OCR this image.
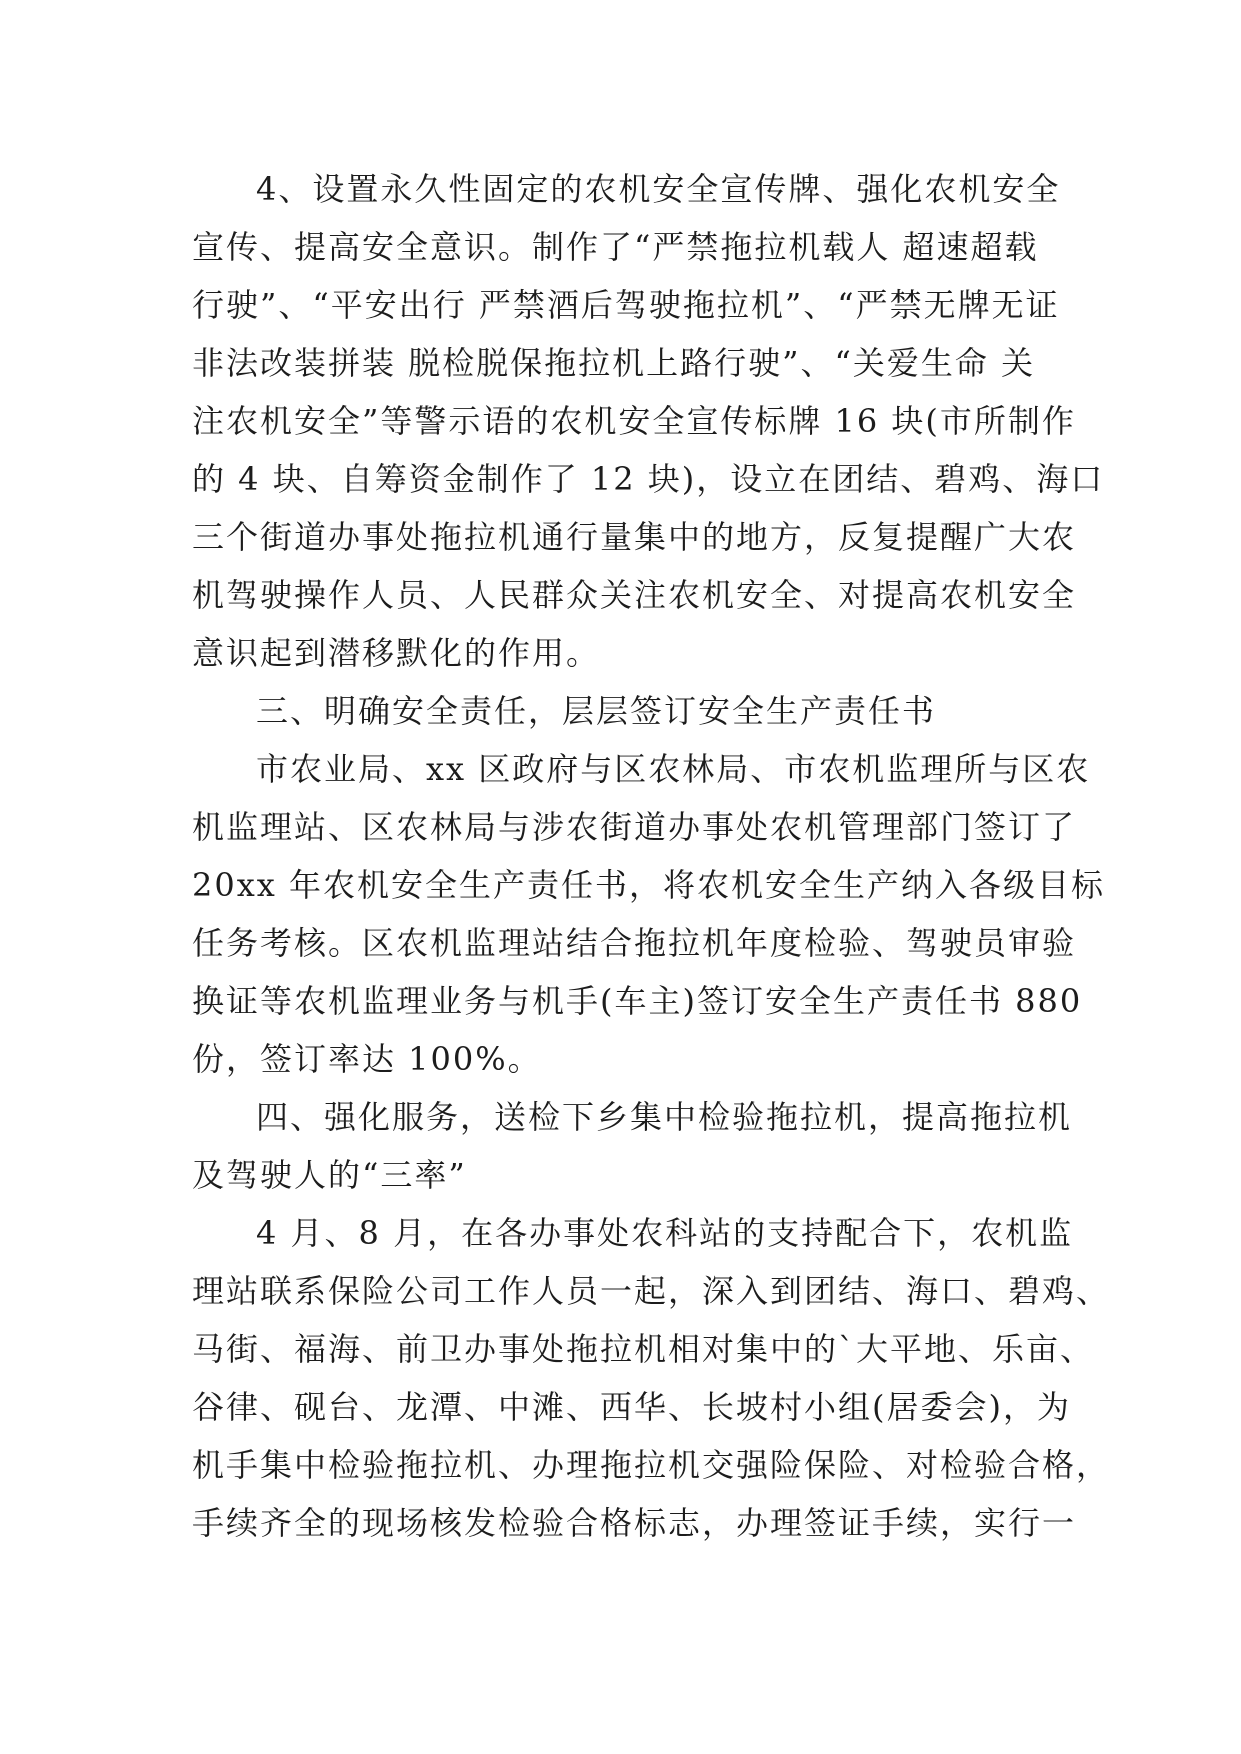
4、设置永久性固定的农机安全宣传牌、强化农机安全
宣传、提高安全意识。制作了“严禁拖拉机载人 超速超载
行驶”、“平安出行 严禁酒后驾驶拖拉机”、“严禁无牌无证
非法改装拼装 脱检脱保拖拉机上路行驶”、“关爱生命 关
注农机安全”等警示语的农机安全宣传标牌 16 块(市所制作
的 4 块、自筹资金制作了 12 块)，设立在团结、碧鸡、海口
三个街道办事处拖拉机通行量集中的地方，反复提醒广大农
机驾驶操作人员、人民群众关注农机安全、对提高农机安全
意识起到潜移默化的作用。
三、明确安全责任，层层签订安全生产责任书
市农业局、xx 区政府与区农林局、市农机监理所与区农
机监理站、区农林局与涉农街道办事处农机管理部门签订了
20xx 年农机安全生产责任书，将农机安全生产纳入各级目标
任务考核。区农机监理站结合拖拉机年度检验、驾驶员审验
换证等农机监理业务与机手(车主)签订安全生产责任书 880
份，签订率达 100%。
四、强化服务，送检下乡集中检验拖拉机，提高拖拉机
及驾驶人的“三率”
4 月、8 月，在各办事处农科站的支持配合下，农机监
理站联系保险公司工作人员一起，深入到团结、海口、碧鸡、
马街、福海、前卫办事处拖拉机相对集中的`大平地、乐亩、
谷律、砚台、龙潭、中滩、西华、长坡村小组(居委会)，为
机手集中检验拖拉机、办理拖拉机交强险保险、对检验合格，
手续齐全的现场核发检验合格标志，办理签证手续，实行一
